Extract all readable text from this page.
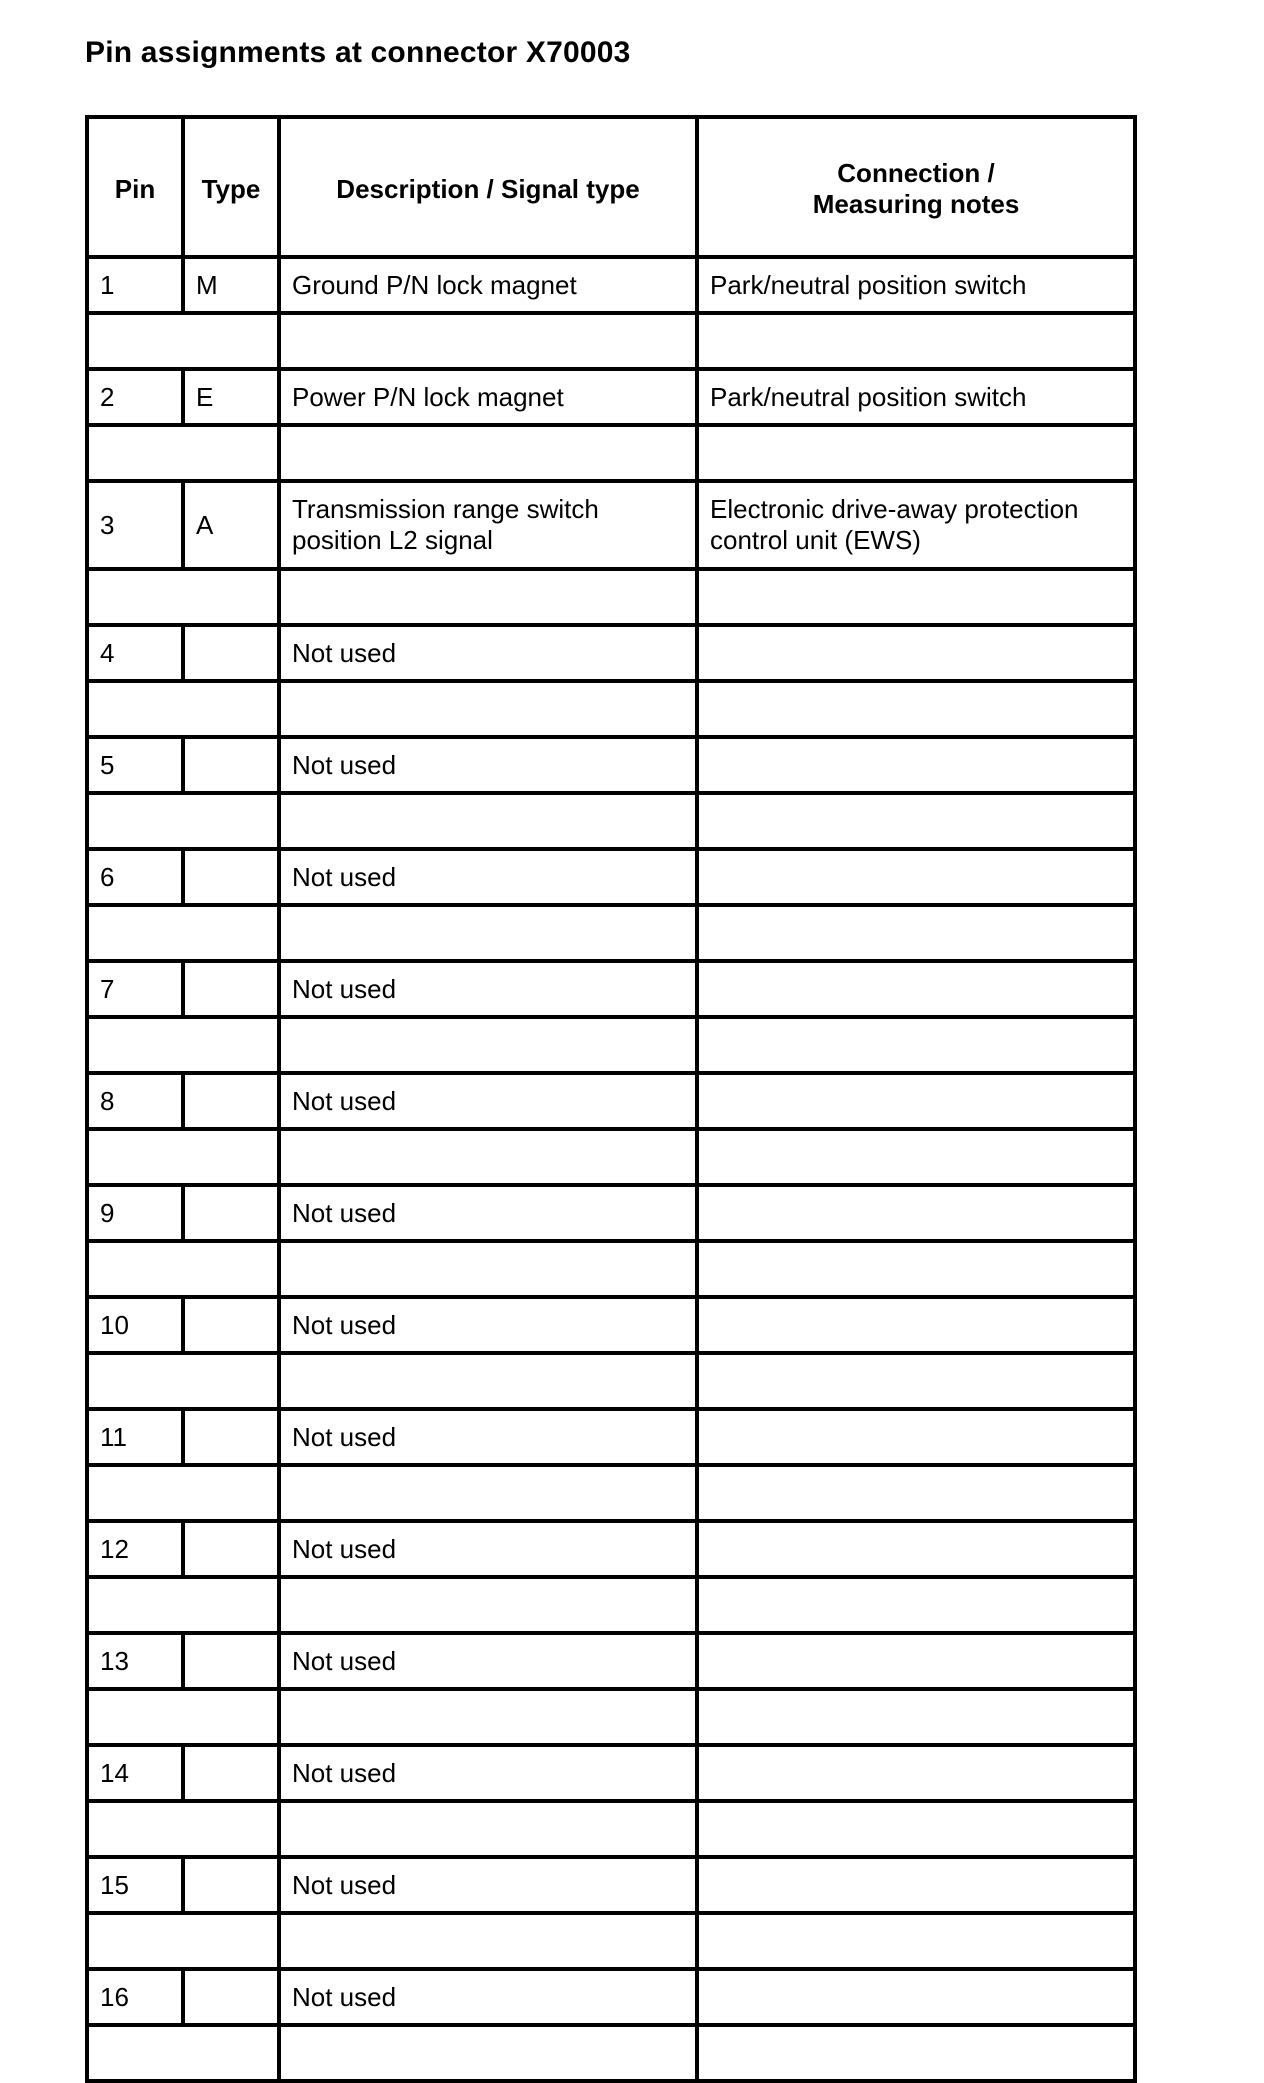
Pin assignments at connector X70003
Pin	Type	Description / Signal type	Connection /
Measuring notes
1	M	Ground P/N lock magnet	Park/neutral position switch

2	E	Power P/N lock magnet	Park/neutral position switch

3	A	Transmission range switch
position L2 signal	Electronic drive-away protection
control unit (EWS)

4		Not used	

5		Not used	

6		Not used	

7		Not used	

8		Not used	

9		Not used	

10		Not used	

11		Not used	

12		Not used	

13		Not used	

14		Not used	

15		Not used	

16		Not used	
